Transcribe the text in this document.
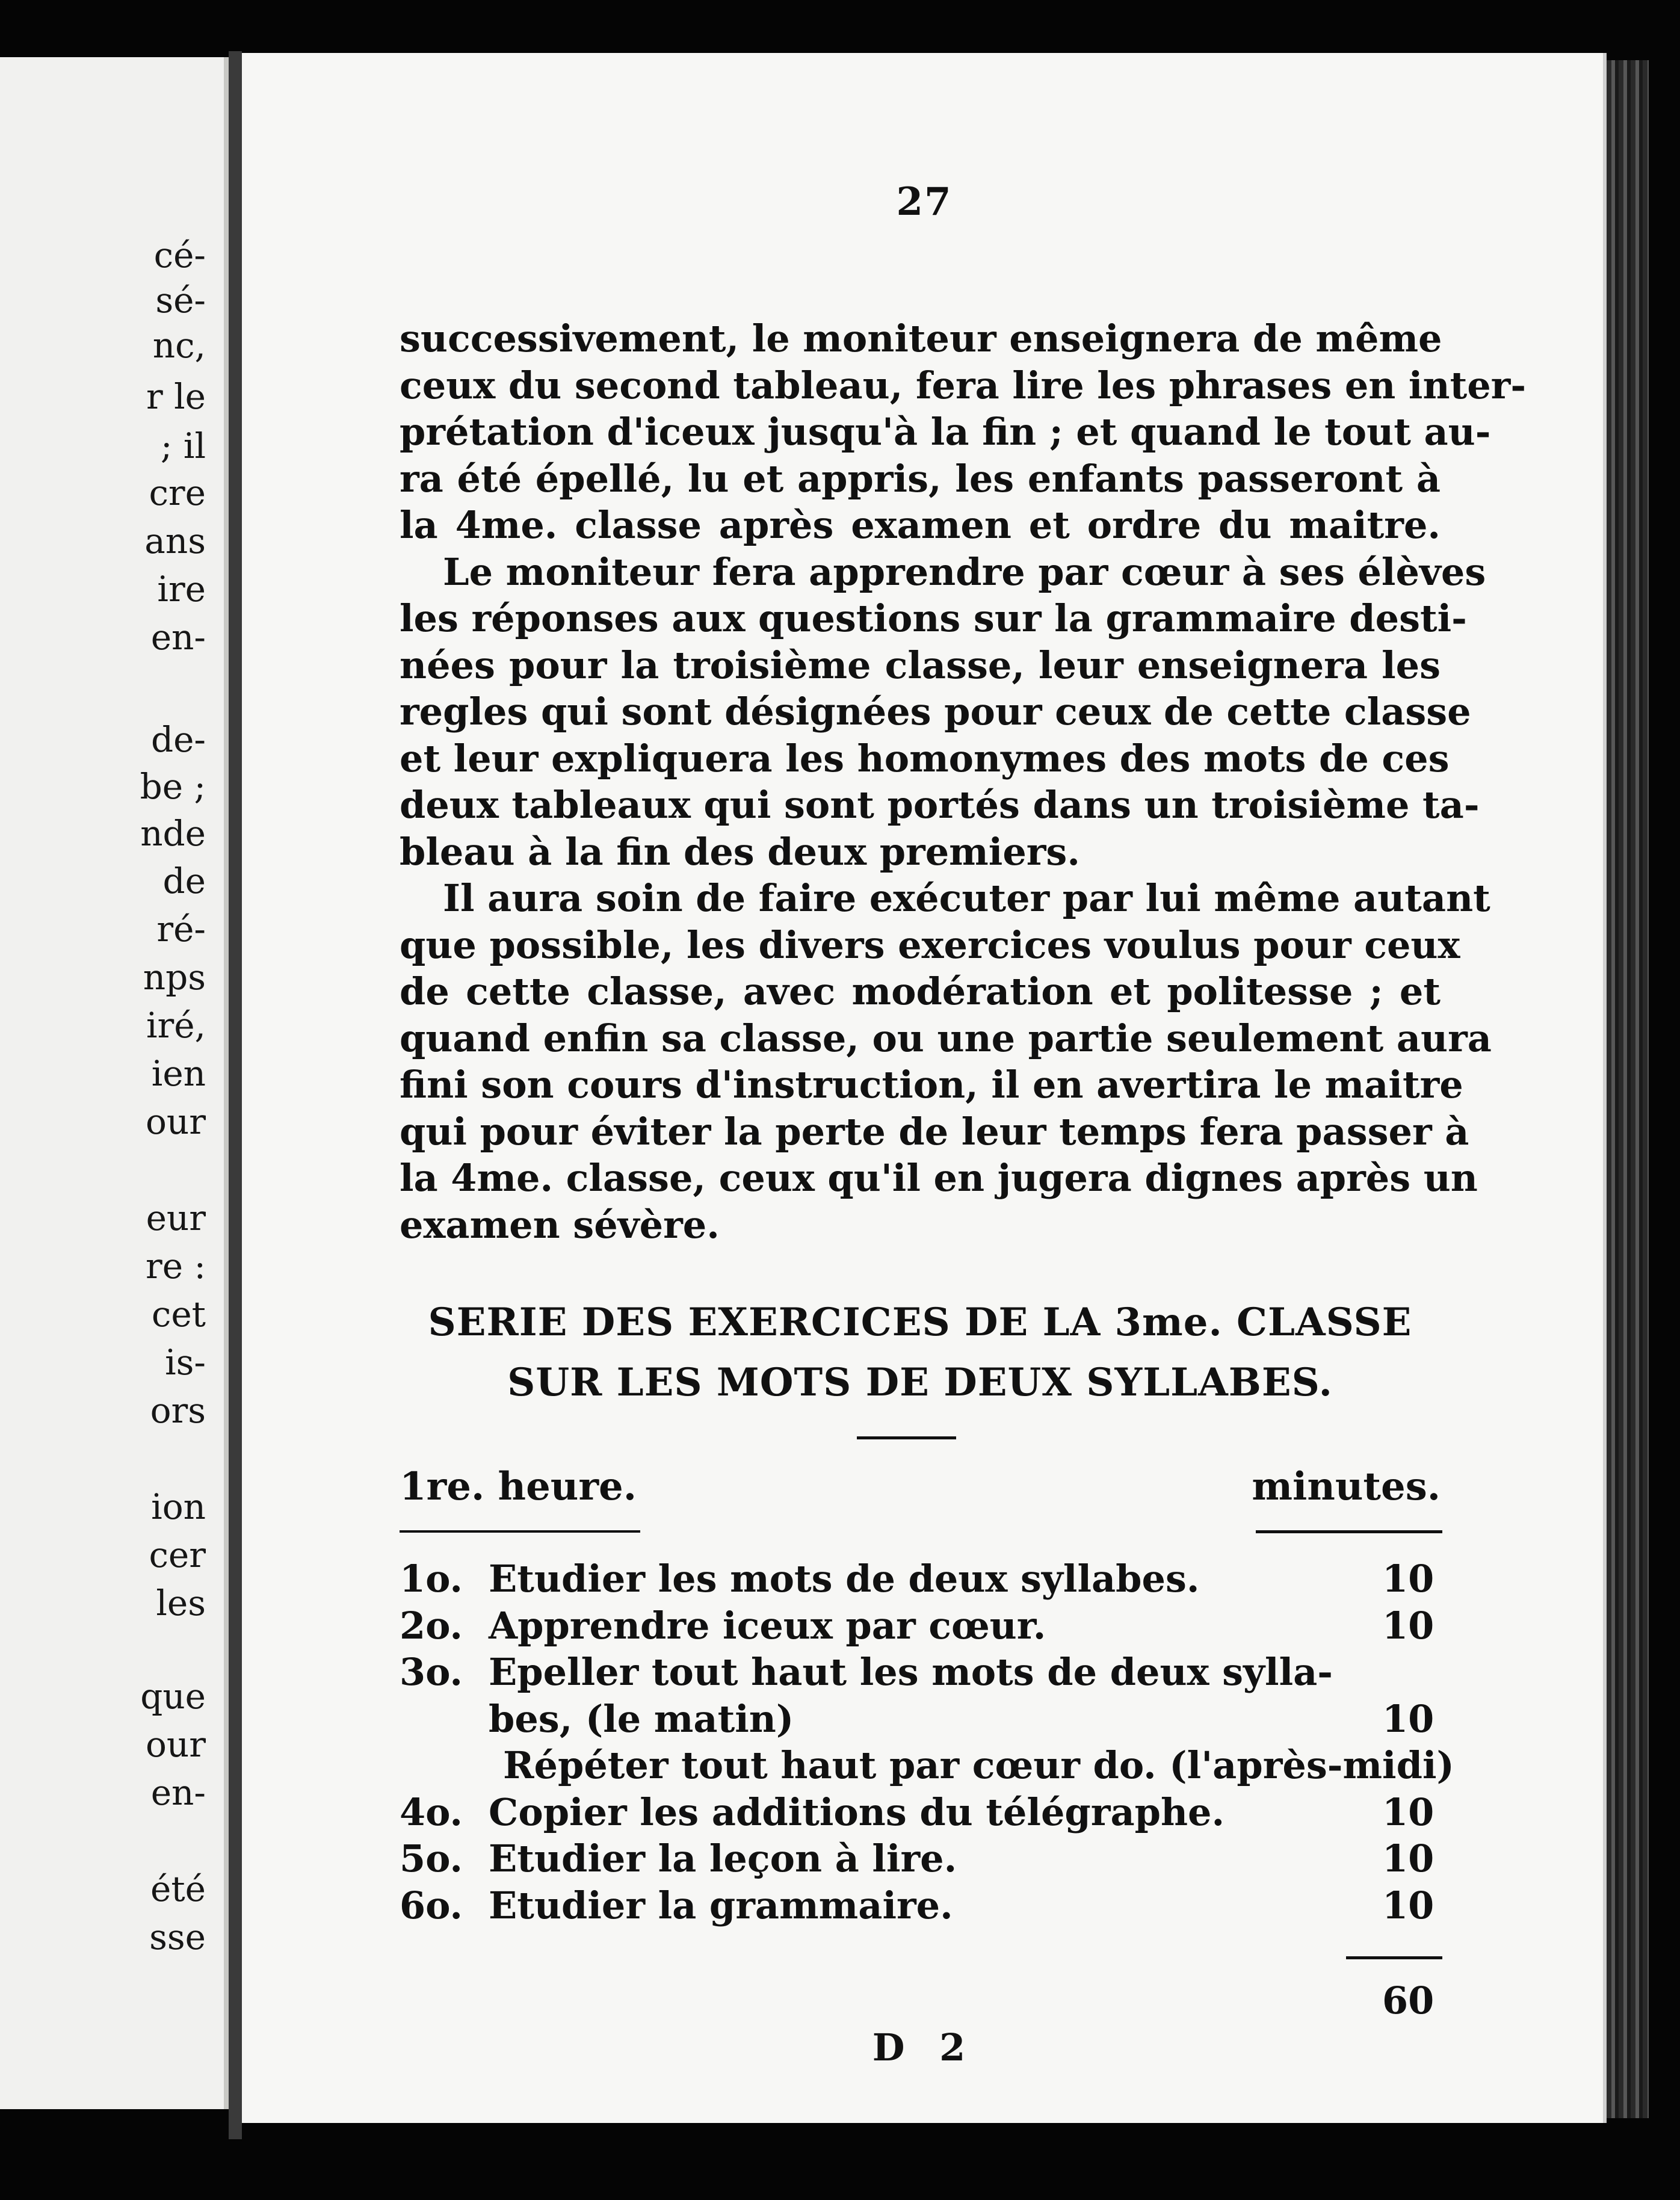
cé-
sé-
nc,
r le
; il
cre
ans
ire
en-
de-
be ;
nde
de
ré-
nps
iré,
ien
our
eur
re :
cet
is-
ors
ion
cer
les
que
our
en-
été
sse
27
successivement, le moniteur enseignera de même
ceux du second tableau, fera lire les phrases en inter-
prétation d'iceux jusqu'à la fin ; et quand le tout au-
ra été épellé, lu et appris, les enfants passeront à
la 4me. classe après examen et ordre du maitre.
Le moniteur fera apprendre par cœur à ses élèves
les réponses aux questions sur la grammaire desti-
nées pour la troisième classe, leur enseignera les
regles qui sont désignées pour ceux de cette classe
et leur expliquera les homonymes des mots de ces
deux tableaux qui sont portés dans un troisième ta-
bleau à la fin des deux premiers.
Il aura soin de faire exécuter par lui même autant
que possible, les divers exercices voulus pour ceux
de cette classe, avec modération et politesse ; et
quand enfin sa classe, ou une partie seulement aura
fini son cours d'instruction, il en avertira le maitre
qui pour éviter la perte de leur temps fera passer à
la 4me. classe, ceux qu'il en jugera dignes après un
examen sévère.
SERIE DES EXERCICES DE LA 3me. CLASSE
SUR LES MOTS DE DEUX SYLLABES.
1re. heure.	minutes.
1o. Etudier les mots de deux syllabes.	10
2o. Apprendre iceux par cœur.	10
3o. Epeller tout haut les mots de deux sylla-
bes, (le matin)	10
Répéter tout haut par cœur do. (l'après-midi)
4o. Copier les additions du télégraphe.	10
5o. Etudier la leçon à lire.	10
6o. Etudier la grammaire.	10
60
D 2
